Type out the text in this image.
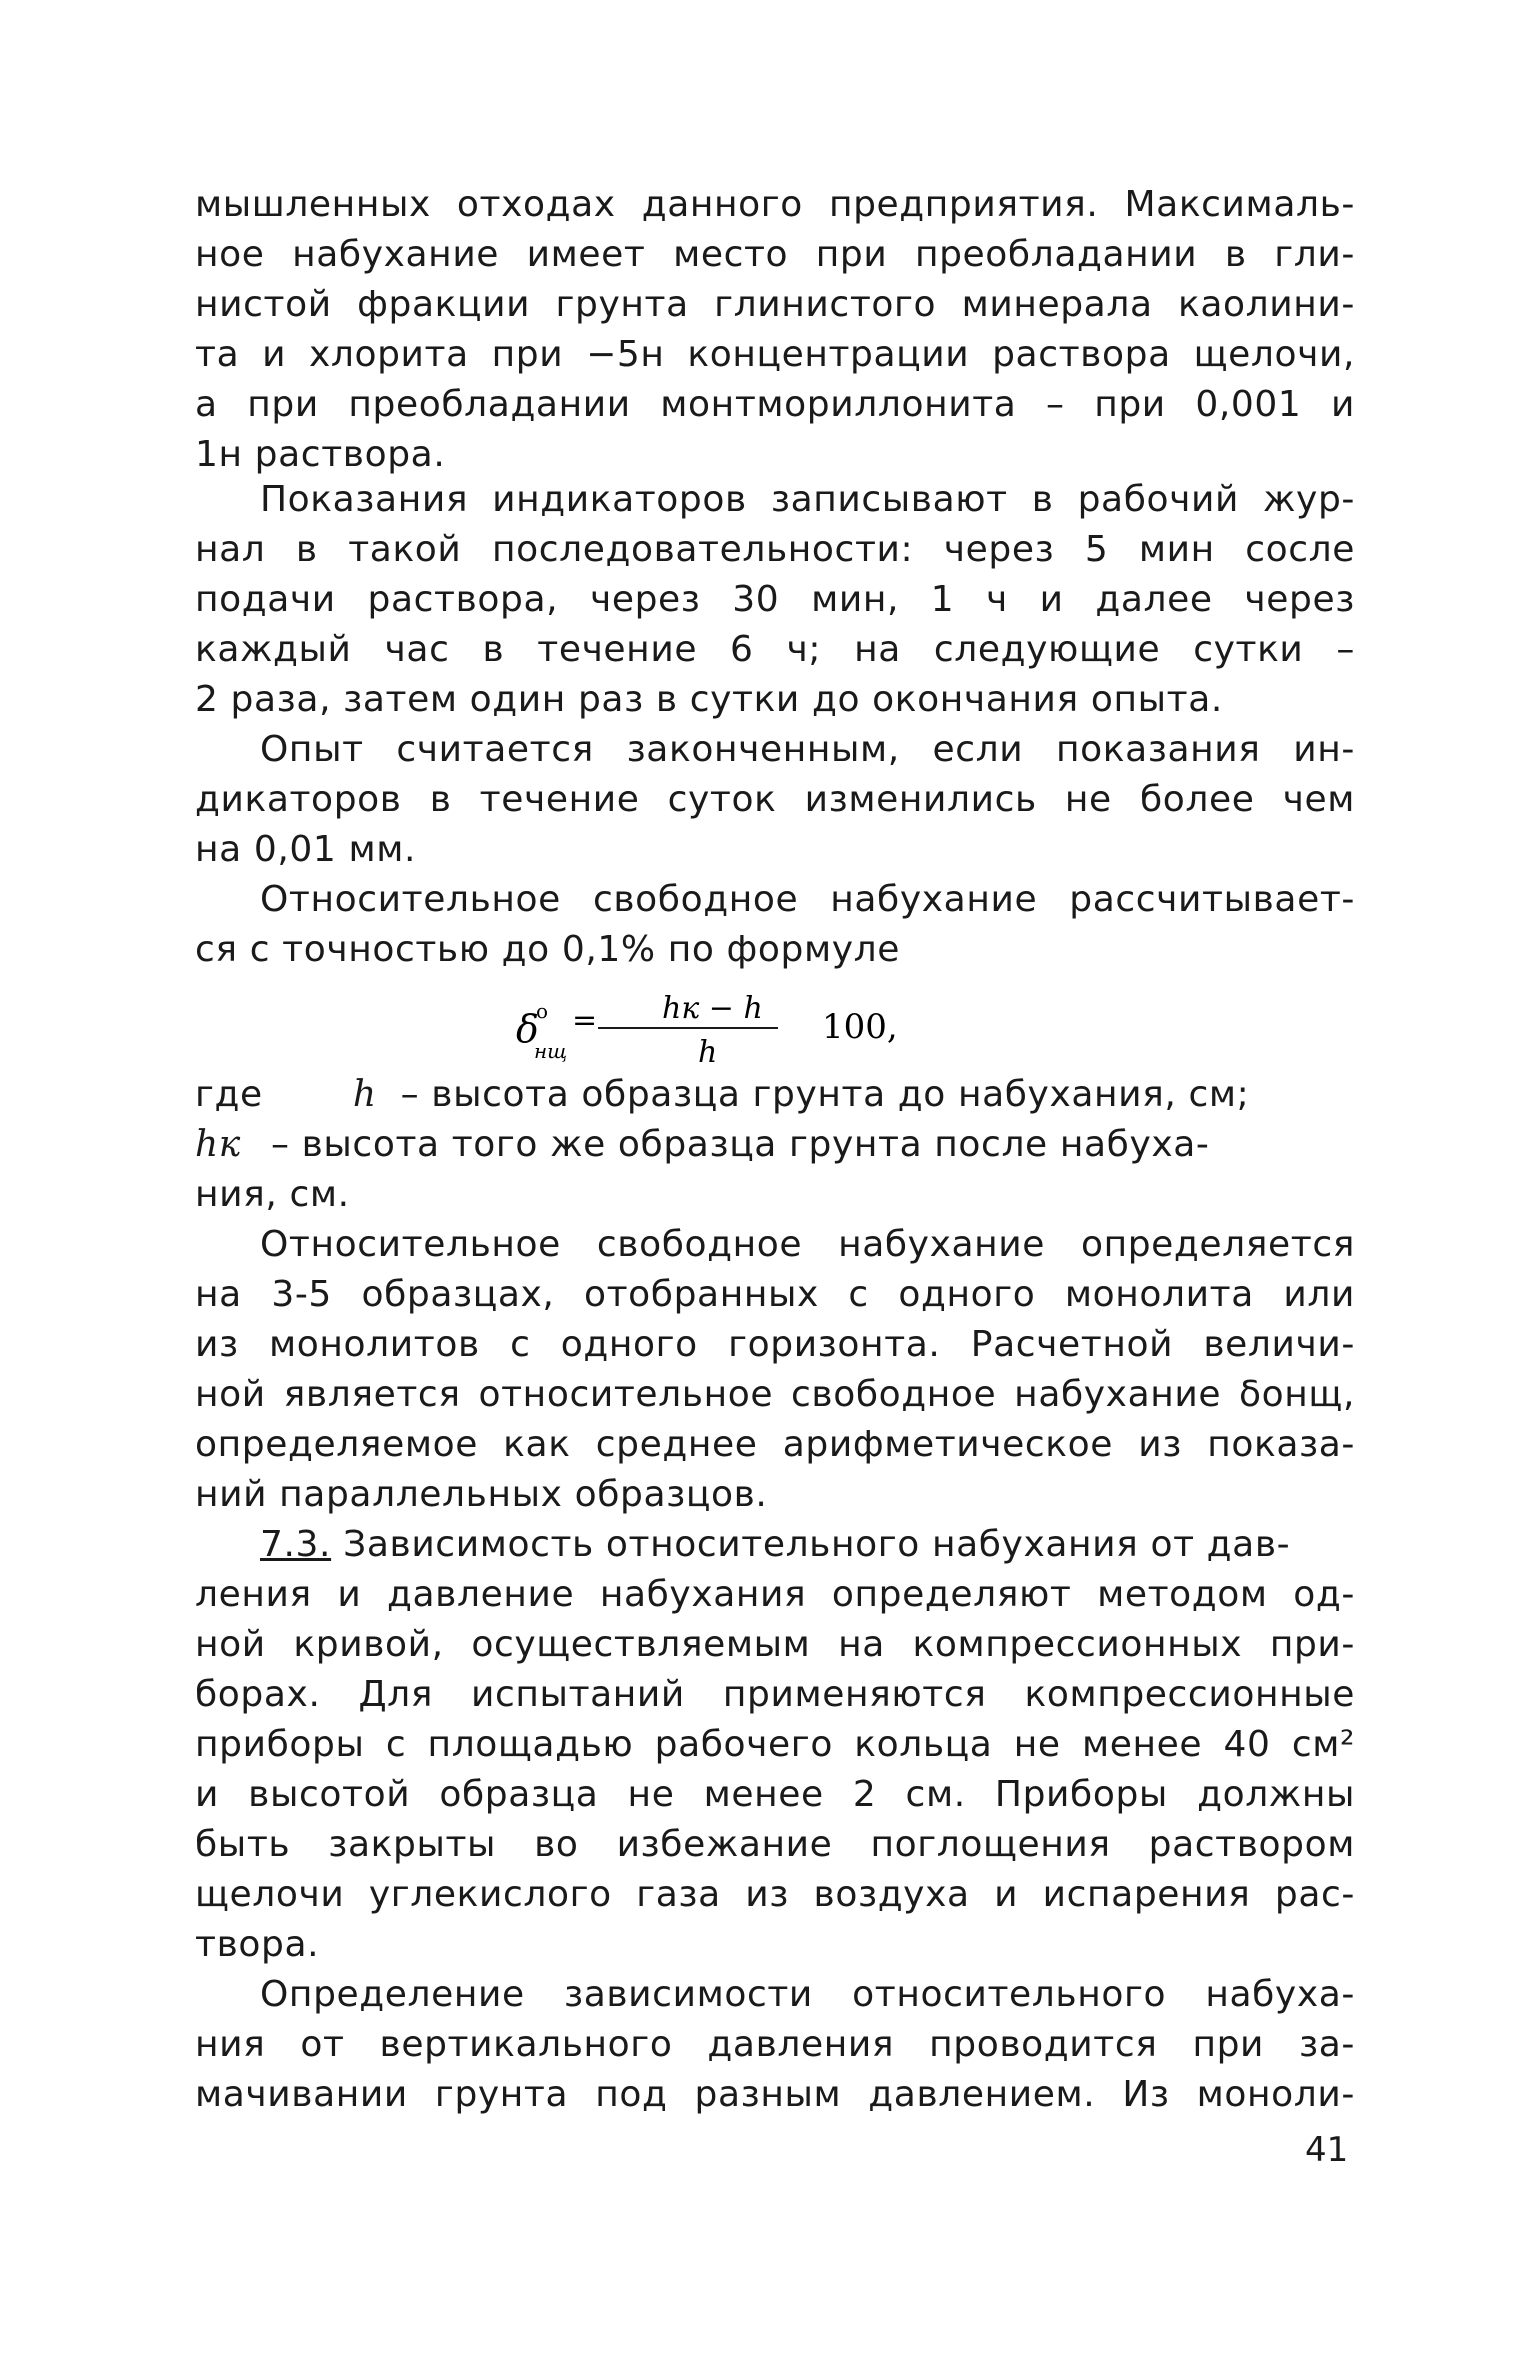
мышленных отходах данного предприятия. Максималь-
ное набухание имеет место при преобладании в гли-
нистой фракции грунта глинистого минерала каолини-
та и хлорита при −5н концентрации раствора щелочи,
а при преобладании монтмориллонита – при 0,001 и
1н раствора.
Показания индикаторов записывают в рабочий жур-
нал в такой последовательности: через 5 мин сосле
подачи раствора, через 30 мин, 1 ч и далее через
каждый час в течение 6 ч; на следующие сутки –
2 раза, затем один раз в сутки до окончания опыта.
Опыт считается законченным, если показания ин-
дикаторов в течение суток изменились не более чем
на 0,01 мм.
Относительное свободное набухание рассчитывает-
ся с точностью до 0,1% по формуле
δ
о
нщ
= hк − h
h
100,
где	h – высота образца грунта до набухания, см;
hк – высота того же образца грунта после набуха-
ния, см.
Относительное свободное набухание определяется
на 3-5 образцах, отобранных с одного монолита или
из монолитов с одного горизонта. Расчетной величи-
ной является относительное свободное набухание δонщ,
определяемое как среднее арифметическое из показа-
ний параллельных образцов.
7.3. Зависимость относительного набухания от дав-
ления и давление набухания определяют методом од-
ной кривой, осуществляемым на компрессионных при-
борах. Для испытаний применяются компрессионные
приборы с площадью рабочего кольца не менее 40 см²
и высотой образца не менее 2 см. Приборы должны
быть закрыты во избежание поглощения раствором
щелочи углекислого газа из воздуха и испарения рас-
твора.
Определение зависимости относительного набуха-
ния от вертикального давления проводится при за-
мачивании грунта под разным давлением. Из моноли-
41
